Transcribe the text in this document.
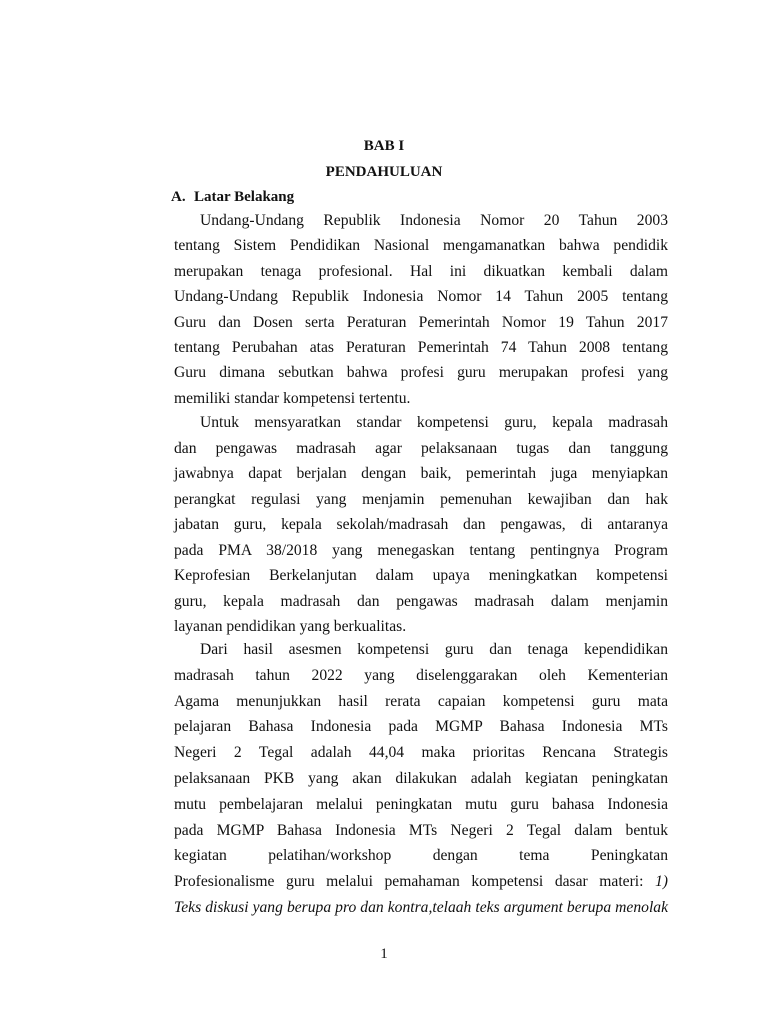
BAB I
PENDAHULUAN
A. Latar Belakang
Undang-Undang Republik Indonesia Nomor 20 Tahun 2003
tentang Sistem Pendidikan Nasional mengamanatkan bahwa pendidik
merupakan tenaga profesional. Hal ini dikuatkan kembali dalam
Undang-Undang Republik Indonesia Nomor 14 Tahun 2005 tentang
Guru dan Dosen serta Peraturan Pemerintah Nomor 19 Tahun 2017
tentang Perubahan atas Peraturan Pemerintah 74 Tahun 2008 tentang
Guru dimana sebutkan bahwa profesi guru merupakan profesi yang
memiliki standar kompetensi tertentu.
Untuk mensyaratkan standar kompetensi guru, kepala madrasah
dan pengawas madrasah agar pelaksanaan tugas dan tanggung
jawabnya dapat berjalan dengan baik, pemerintah juga menyiapkan
perangkat regulasi yang menjamin pemenuhan kewajiban dan hak
jabatan guru, kepala sekolah/madrasah dan pengawas, di antaranya
pada PMA 38/2018 yang menegaskan tentang pentingnya Program
Keprofesian Berkelanjutan dalam upaya meningkatkan kompetensi
guru, kepala madrasah dan pengawas madrasah dalam menjamin
layanan pendidikan yang berkualitas.
Dari hasil asesmen kompetensi guru dan tenaga kependidikan
madrasah tahun 2022 yang diselenggarakan oleh Kementerian
Agama menunjukkan hasil rerata capaian kompetensi guru mata
pelajaran Bahasa Indonesia pada MGMP Bahasa Indonesia MTs
Negeri 2 Tegal adalah 44,04 maka prioritas Rencana Strategis
pelaksanaan PKB yang akan dilakukan adalah kegiatan peningkatan
mutu pembelajaran melalui peningkatan mutu guru bahasa Indonesia
pada MGMP Bahasa Indonesia MTs Negeri 2 Tegal dalam bentuk
kegiatan pelatihan/workshop dengan tema Peningkatan
Profesionalisme guru melalui pemahaman kompetensi dasar materi: 1)
Teks diskusi yang berupa pro dan kontra,telaah teks argument berupa menolak
1
